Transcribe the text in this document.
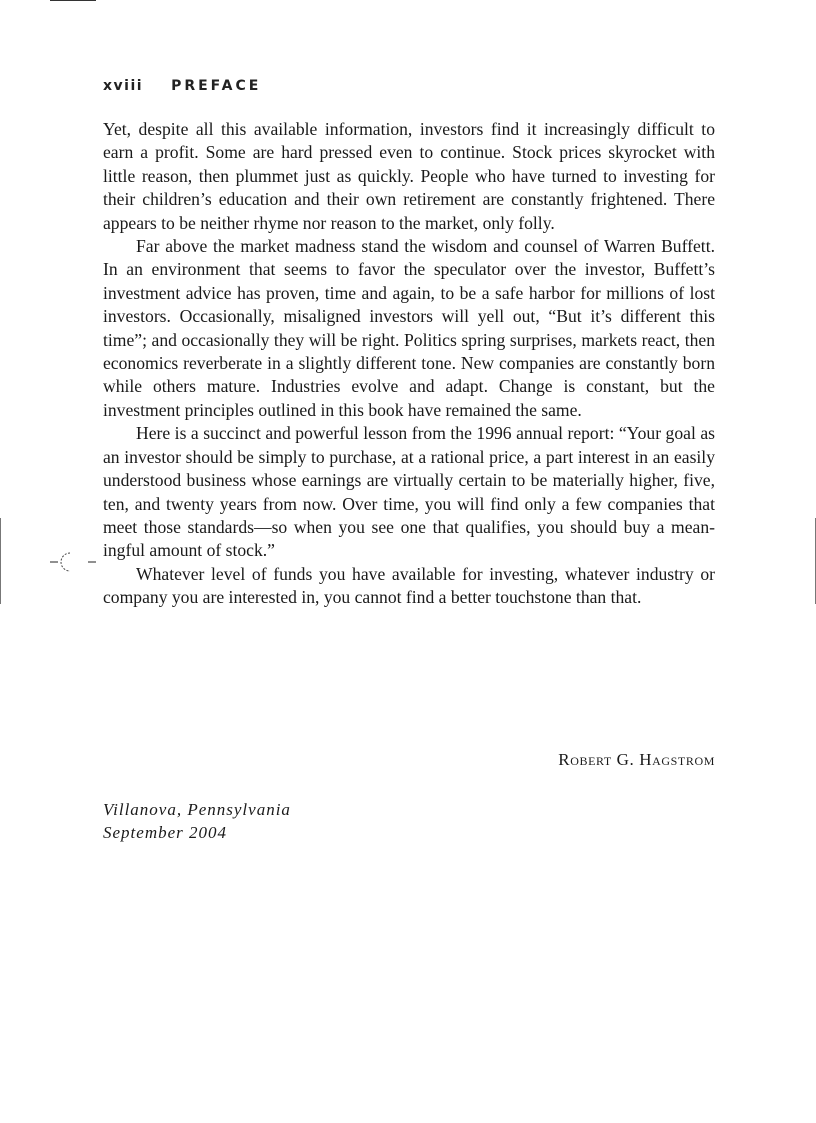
xviii PREFACE

Yet, despite all this available information, investors find it increasingly difficult to earn a profit. Some are hard pressed even to continue. Stock prices skyrocket with little reason, then plummet just as quickly. People who have turned to investing for their children’s education and their own retirement are constantly frightened. There appears to be neither rhyme nor reason to the market, only folly.

Far above the market madness stand the wisdom and counsel of Warren Buffett. In an environment that seems to favor the speculator over the investor, Buffett’s investment advice has proven, time and again, to be a safe harbor for millions of lost investors. Occasionally, misaligned investors will yell out, “But it’s different this time”; and occasionally they will be right. Politics spring surprises, markets react, then economics reverberate in a slightly different tone. New companies are constantly born while others mature. Industries evolve and adapt. Change is constant, but the investment principles outlined in this book have remained the same.

Here is a succinct and powerful lesson from the 1996 annual report: “Your goal as an investor should be simply to purchase, at a rational price, a part interest in an easily understood business whose earnings are virtually certain to be materially higher, five, ten, and twenty years from now. Over time, you will find only a few companies that meet those standards—so when you see one that qualifies, you should buy a meaningful amount of stock.”

Whatever level of funds you have available for investing, whatever industry or company you are interested in, you cannot find a better touchstone than that.

Robert G. Hagstrom
Villanova, Pennsylvania
September 2004
